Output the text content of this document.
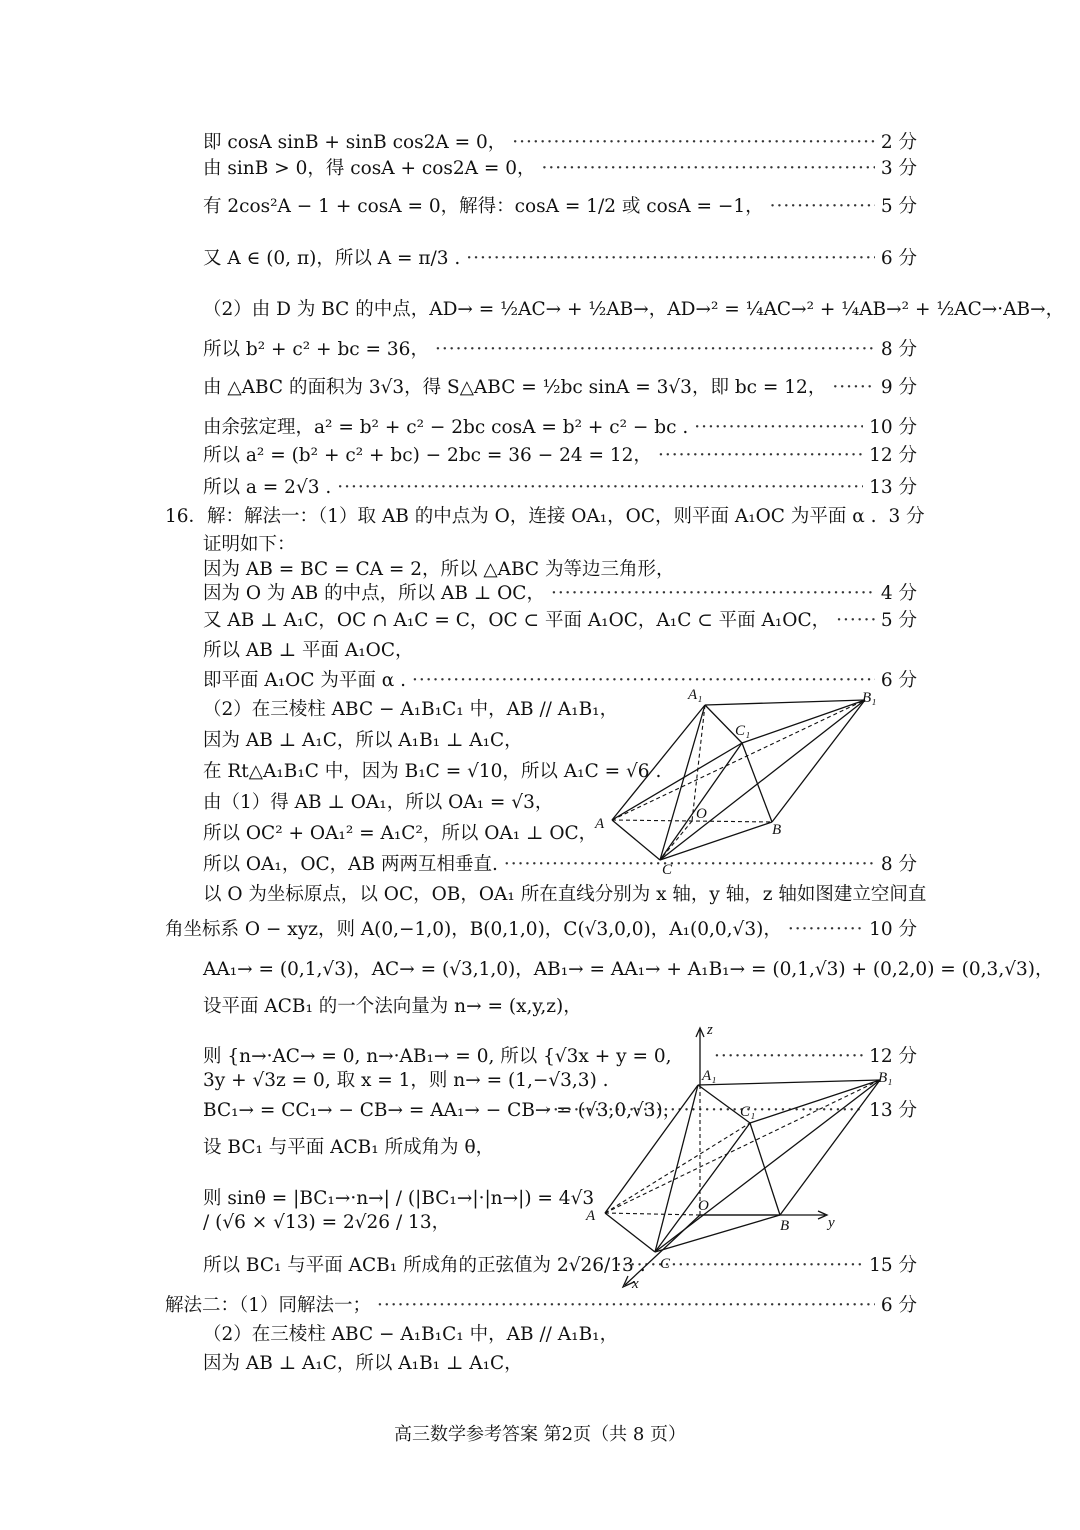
即 cosA sinB + sinB cos2A = 0， ·····	2 分
由 sinB > 0，得 cosA + cos2A = 0， ·····	3 分
有 2cos²A − 1 + cosA = 0，解得：cosA = 1/2 或 cosA = −1， ·····	5 分
又 A ∈ (0, π)，所以 A = π/3 . ·····	6 分
（2）由 D 为 BC 的中点，AD→ = ½AC→ + ½AB→，AD→² = ¼AC→² + ¼AB→² + ½AC→·AB→，
所以 b² + c² + bc = 36， ·····	8 分
由 △ABC 的面积为 3√3，得 S△ABC = ½bc sinA = 3√3，即 bc = 12， ·····	9 分
由余弦定理，a² = b² + c² − 2bc cosA = b² + c² − bc . ·····	10 分
所以 a² = (b² + c² + bc) − 2bc = 36 − 24 = 12， ·····	12 分
所以 a = 2√3 . ·····	13 分
16．解：解法一：（1）取 AB 的中点为 O，连接 OA₁，OC，则平面 A₁OC 为平面 α . 3 分
证明如下：
因为 AB = BC = CA = 2，所以 △ABC 为等边三角形，
因为 O 为 AB 的中点，所以 AB ⊥ OC， ·····	4 分
又 AB ⊥ A₁C，OC ∩ A₁C = C，OC ⊂ 平面 A₁OC，A₁C ⊂ 平面 A₁OC， ·····	5 分
所以 AB ⊥ 平面 A₁OC，
即平面 A₁OC 为平面 α . ·····	6 分
（2）在三棱柱 ABC − A₁B₁C₁ 中，AB // A₁B₁，
因为 AB ⊥ A₁C，所以 A₁B₁ ⊥ A₁C，
在 Rt△A₁B₁C 中，因为 B₁C = √10，所以 A₁C = √6 .
由（1）得 AB ⊥ OA₁，所以 OA₁ = √3，
所以 OC² + OA₁² = A₁C²，所以 OA₁ ⊥ OC，
所以 OA₁，OC，AB 两两互相垂直. ·····	8 分
以 O 为坐标原点，以 OC，OB，OA₁ 所在直线分别为 x 轴，y 轴，z 轴如图建立空间直
角坐标系 O − xyz，则 A(0,−1,0)，B(0,1,0)，C(√3,0,0)，A₁(0,0,√3)， ·····	10 分
AA₁→ = (0,1,√3)，AC→ = (√3,1,0)，AB₁→ = AA₁→ + A₁B₁→ = (0,1,√3) + (0,2,0) = (0,3,√3)，
设平面 ACB₁ 的一个法向量为 n→ = (x,y,z)，
则 {n→·AC→ = 0, n→·AB₁→ = 0, 所以 {√3x + y = 0, 3y + √3z = 0, 取 x = 1，则 n→ = (1,−√3,3) .
·····
12 分
BC₁→ = CC₁→ − CB→ = AA₁→ − CB→ = (√3,0,√3)， ·····	13 分
设 BC₁ 与平面 ACB₁ 所成角为 θ，
则 sinθ = |BC₁→·n→| / (|BC₁→|·|n→|) = 4√3 / (√6 × √13) = 2√26 / 13，
所以 BC₁ 与平面 ACB₁ 所成角的正弦值为 2√26/13 . ·····	15 分
解法二：（1）同解法一； ·····	6 分
（2）在三棱柱 ABC − A₁B₁C₁ 中，AB // A₁B₁，
因为 AB ⊥ A₁C，所以 A₁B₁ ⊥ A₁C，
A₁	B₁
C₁
A
O
B
C
z
A₁	B₁
C₁
A
O
B	y
C
x
高三数学参考答案 第2页（共 8 页）
